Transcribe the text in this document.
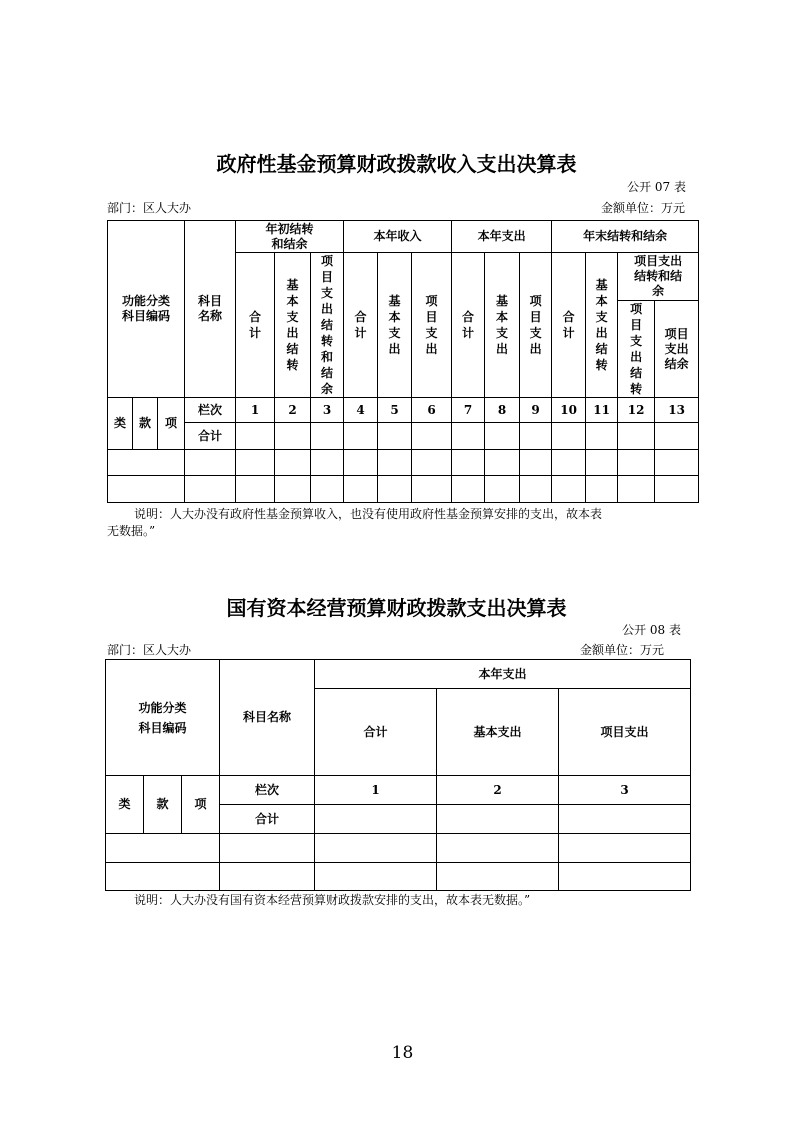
政府性基金预算财政拨款收入支出决算表
公开 07 表
部门：区人大办	金额单位：万元
功能分类科目编码			科目名称	年初结转和结余			本年收入			本年支出			年末结转和结余			
				合计	基本支出结转	项目支出结转和结余	合计	基本支出	项目支出	合计	基本支出	项目支出	合计	基本支出结转	项目支出结转和结余	
															项目支出结转	项目支出结余

类	款	项	栏次	1	2	3	4	5	6	7	8	9	10	11	12	13
			合计													

说明：人大办没有政府性基金预算收入，也没有使用政府性基金预算安排的支出，故本表
无数据。”
国有资本经营预算财政拨款支出决算表
公开 08 表
部门：区人大办	金额单位：万元
功能分类科目编码			科目名称	本年支出		
				合计	基本支出	项目支出
类	款	项	栏次	1	2	3
			合计			

说明：人大办没有国有资本经营预算财政拨款安排的支出，故本表无数据。”
18
